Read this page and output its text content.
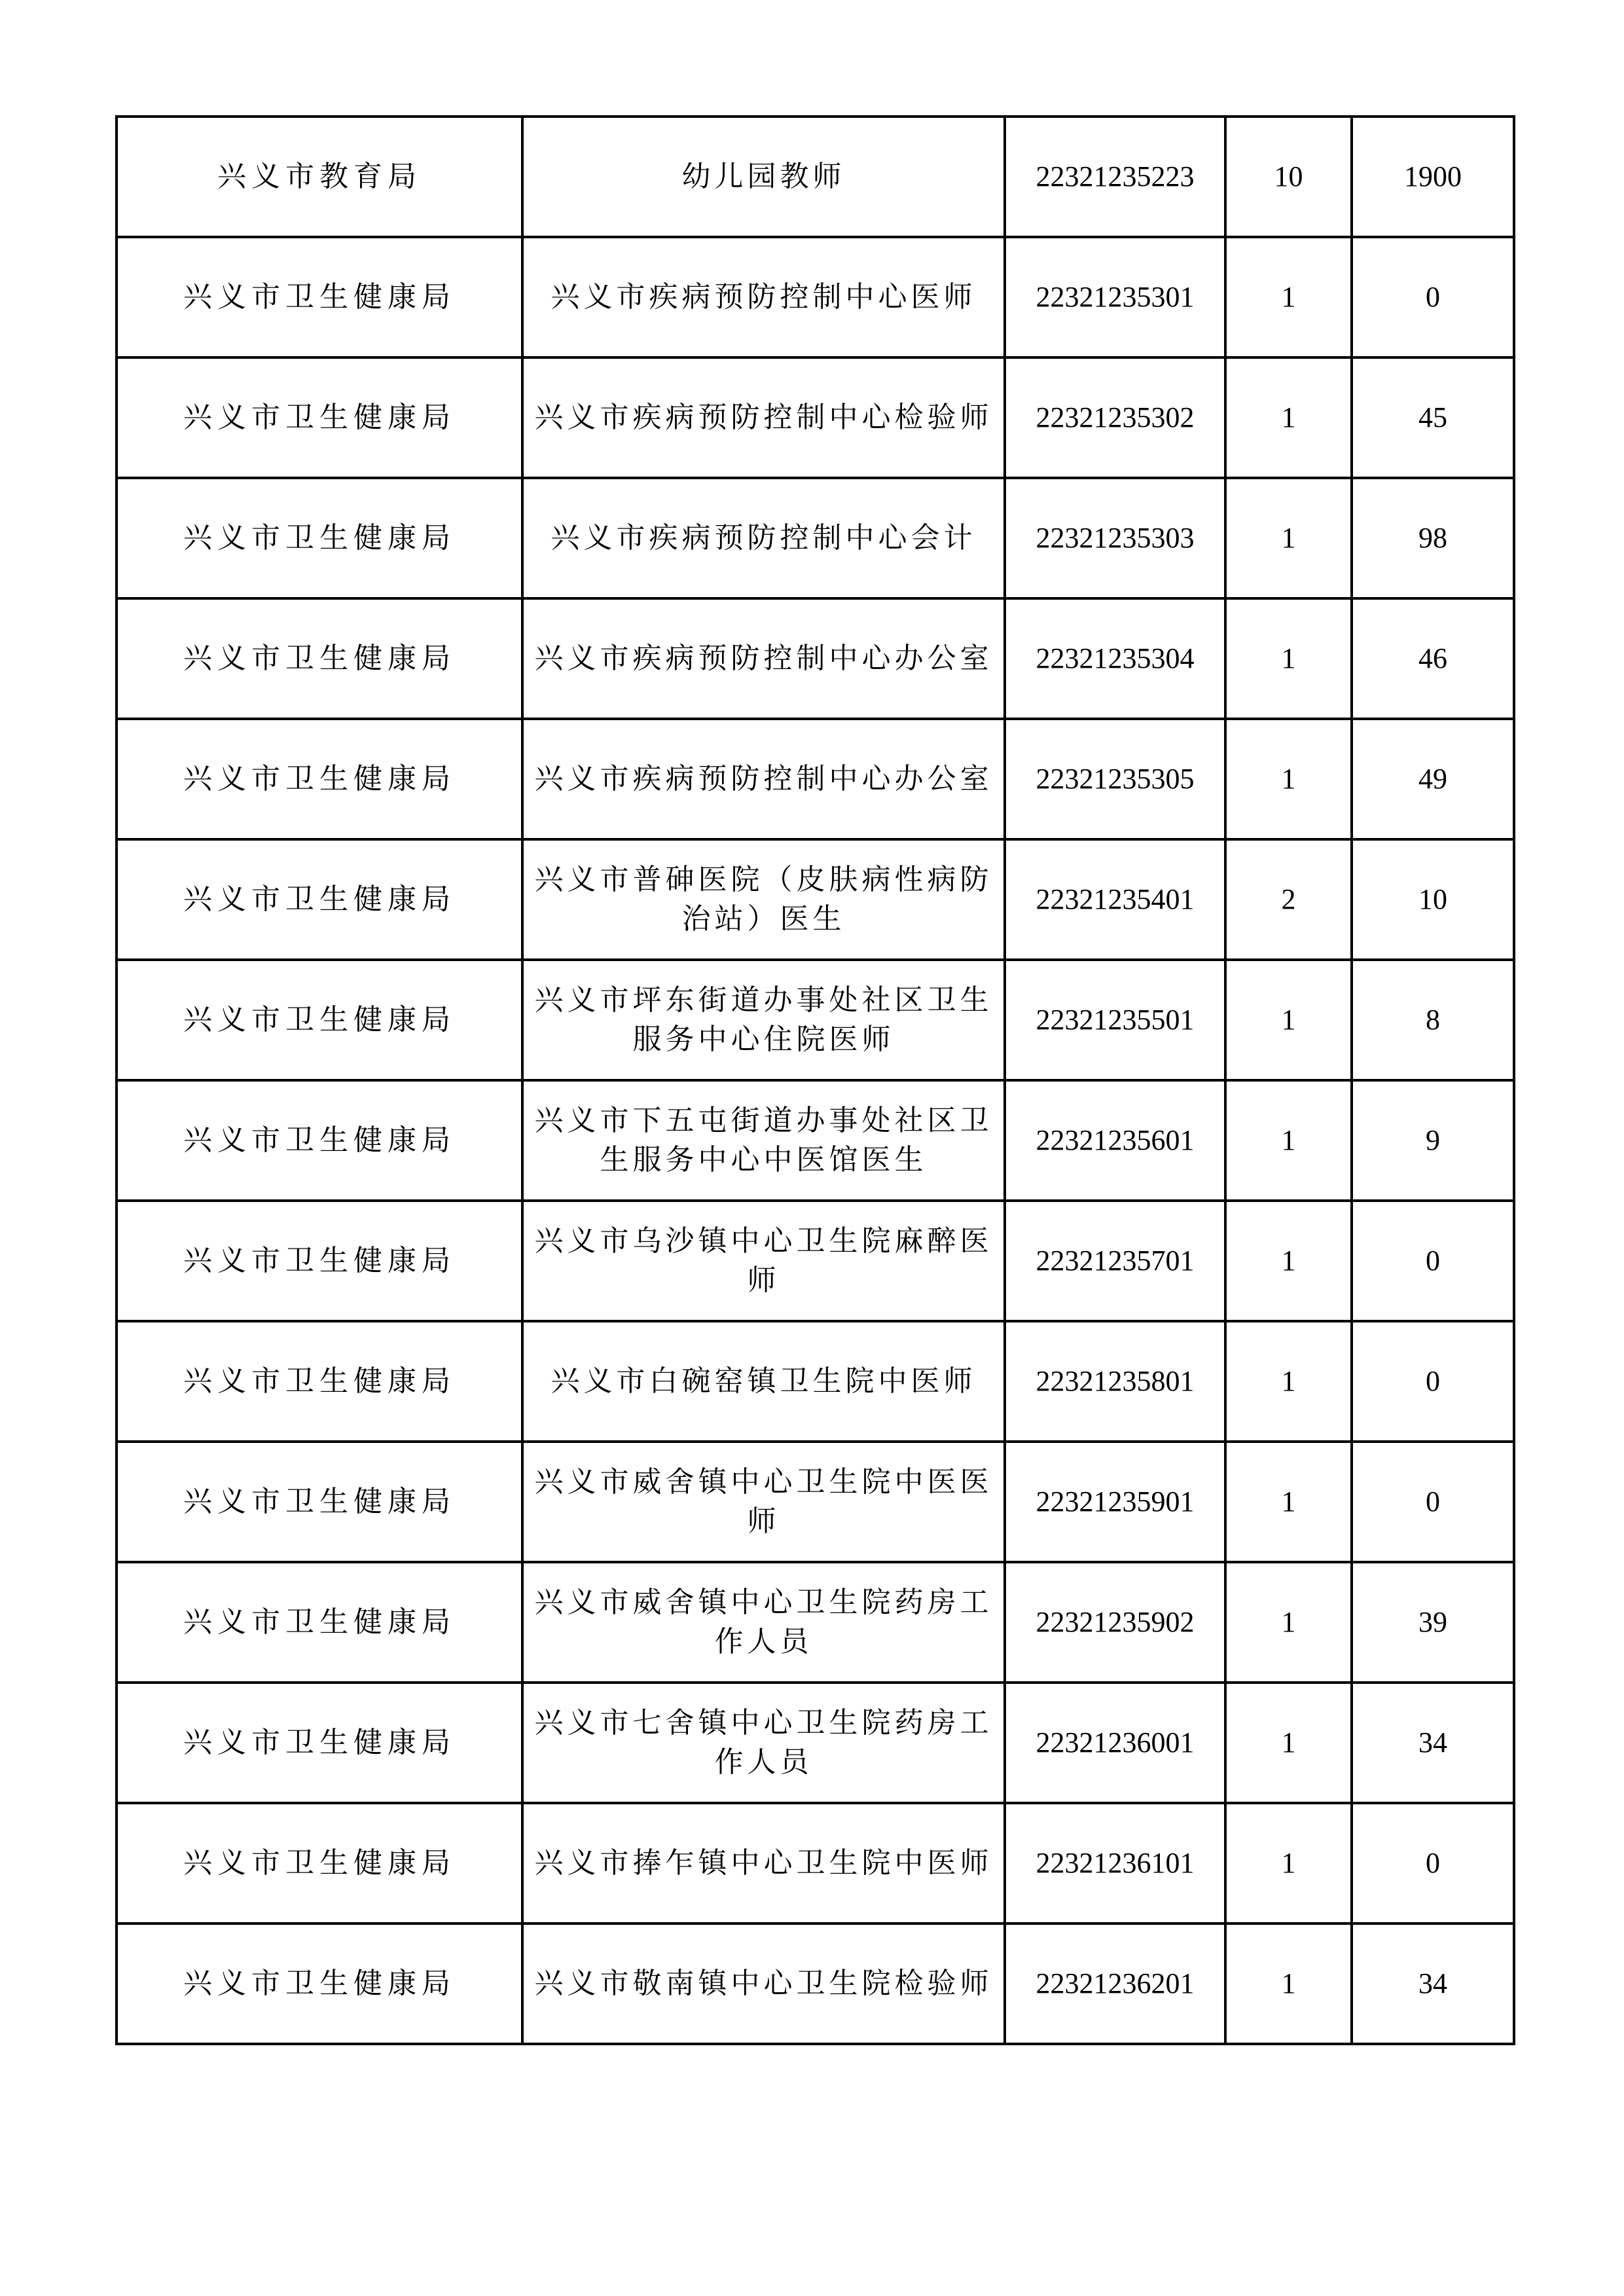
兴义市教育局	幼儿园教师	22321235223	10	1900
兴义市卫生健康局	兴义市疾病预防控制中心医师	22321235301	1	0
兴义市卫生健康局	兴义市疾病预防控制中心检验师	22321235302	1	45
兴义市卫生健康局	兴义市疾病预防控制中心会计	22321235303	1	98
兴义市卫生健康局	兴义市疾病预防控制中心办公室	22321235304	1	46
兴义市卫生健康局	兴义市疾病预防控制中心办公室	22321235305	1	49
兴义市卫生健康局	兴义市普砷医院（皮肤病性病防治站）医生	22321235401	2	10
兴义市卫生健康局	兴义市坪东街道办事处社区卫生服务中心住院医师	22321235501	1	8
兴义市卫生健康局	兴义市下五屯街道办事处社区卫生服务中心中医馆医生	22321235601	1	9
兴义市卫生健康局	兴义市乌沙镇中心卫生院麻醉医师	22321235701	1	0
兴义市卫生健康局	兴义市白碗窑镇卫生院中医师	22321235801	1	0
兴义市卫生健康局	兴义市威舍镇中心卫生院中医医师	22321235901	1	0
兴义市卫生健康局	兴义市威舍镇中心卫生院药房工作人员	22321235902	1	39
兴义市卫生健康局	兴义市七舍镇中心卫生院药房工作人员	22321236001	1	34
兴义市卫生健康局	兴义市捧乍镇中心卫生院中医师	22321236101	1	0
兴义市卫生健康局	兴义市敬南镇中心卫生院检验师	22321236201	1	34
